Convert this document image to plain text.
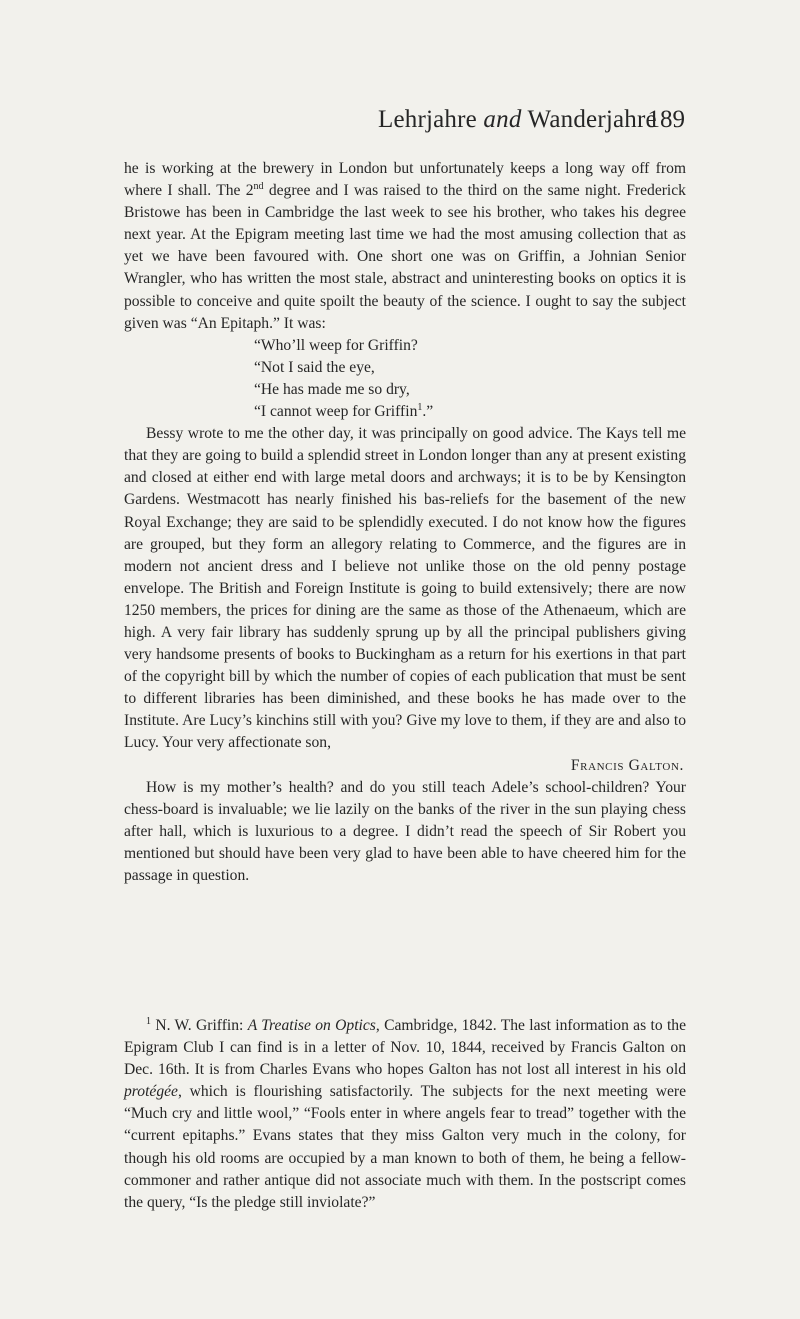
Lehrjahre and Wanderjahre
189

he is working at the brewery in London but unfortunately keeps a long way off from where I shall. The 2nd degree and I was raised to the third on the same night. Frederick Bristowe has been in Cambridge the last week to see his brother, who takes his degree next year. At the Epigram meeting last time we had the most amusing collection that as yet we have been favoured with. One short one was on Griffin, a Johnian Senior Wrangler, who has written the most stale, abstract and uninteresting books on optics it is possible to conceive and quite spoilt the beauty of the science. I ought to say the subject given was “An Epitaph.” It was:

“Who’ll weep for Griffin?
“Not I said the eye,
“He has made me so dry,
“I cannot weep for Griffin$^1$.”

Bessy wrote to me the other day, it was principally on good advice. The Kays tell me that they are going to build a splendid street in London longer than any at present existing and closed at either end with large metal doors and archways; it is to be by Kensington Gardens. Westmacott has nearly finished his bas-reliefs for the basement of the new Royal Exchange; they are said to be splendidly executed. I do not know how the figures are grouped, but they form an allegory relating to Commerce, and the figures are in modern not ancient dress and I believe not unlike those on the old penny postage envelope. The British and Foreign Institute is going to build extensively; there are now 1250 members, the prices for dining are the same as those of the Athenaeum, which are high. A very fair library has suddenly sprung up by all the principal publishers giving very handsome presents of books to Buckingham as a return for his exertions in that part of the copyright bill by which the number of copies of each publication that must be sent to different libraries has been diminished, and these books he has made over to the Institute. Are Lucy’s kinchins still with you? Give my love to them, if they are and also to Lucy. Your very affectionate son,

Francis Galton.

How is my mother’s health? and do you still teach Adele’s school-children? Your chess-board is invaluable; we lie lazily on the banks of the river in the sun playing chess after hall, which is luxurious to a degree. I didn’t read the speech of Sir Robert you mentioned but should have been very glad to have been able to have cheered him for the passage in question.

$^1$ N. W. Griffin: A Treatise on Optics, Cambridge, 1842. The last information as to the Epigram Club I can find is in a letter of Nov. 10, 1844, received by Francis Galton on Dec. 16th. It is from Charles Evans who hopes Galton has not lost all interest in his old protégée, which is flourishing satisfactorily. The subjects for the next meeting were “Much cry and little wool,” “Fools enter in where angels fear to tread” together with the “current epitaphs.” Evans states that they miss Galton very much in the colony, for though his old rooms are occupied by a man known to both of them, he being a fellow-commoner and rather antique did not associate much with them. In the postscript comes the query, “Is the pledge still inviolate?”
